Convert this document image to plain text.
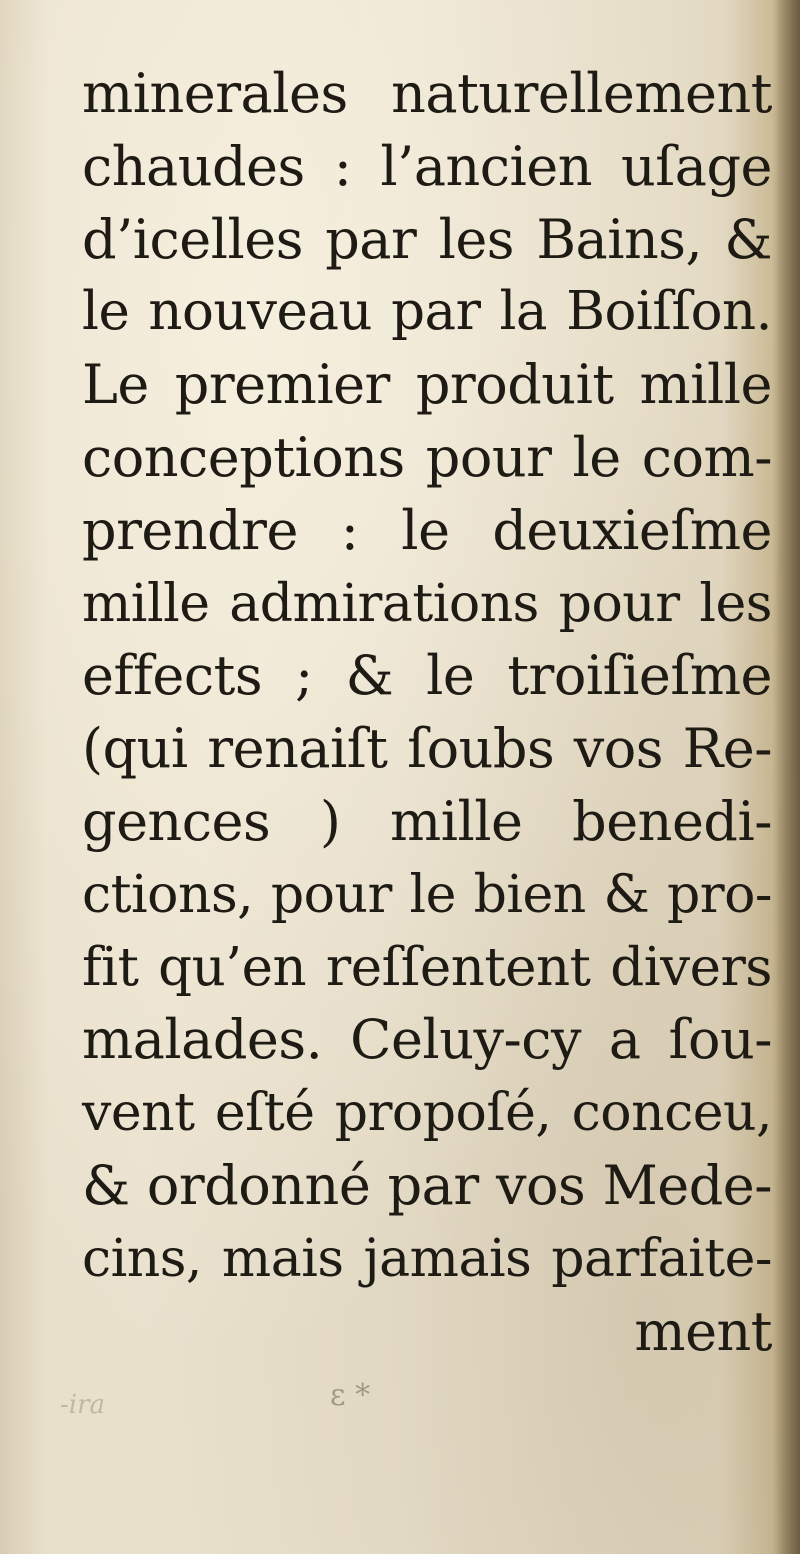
minerales naturellement
chaudes : l’ancien uſage
d’icelles par les Bains, &
le nouveau par la Boiſſon.
Le premier produit mille
conceptions pour le com-
prendre : le deuxieſme
mille admirations pour les
effects ; & le troiſieſme
(qui renaiſt ſoubs vos Re-
gences ) mille benedi-
ctions, pour le bien & pro-
fit qu’en reſſentent divers
malades. Celuy-cy a ſou-
vent eſté propoſé, conceu,
& ordonné par vos Mede-
cins, mais jamais parfaite-
ment
-ira	ε *
